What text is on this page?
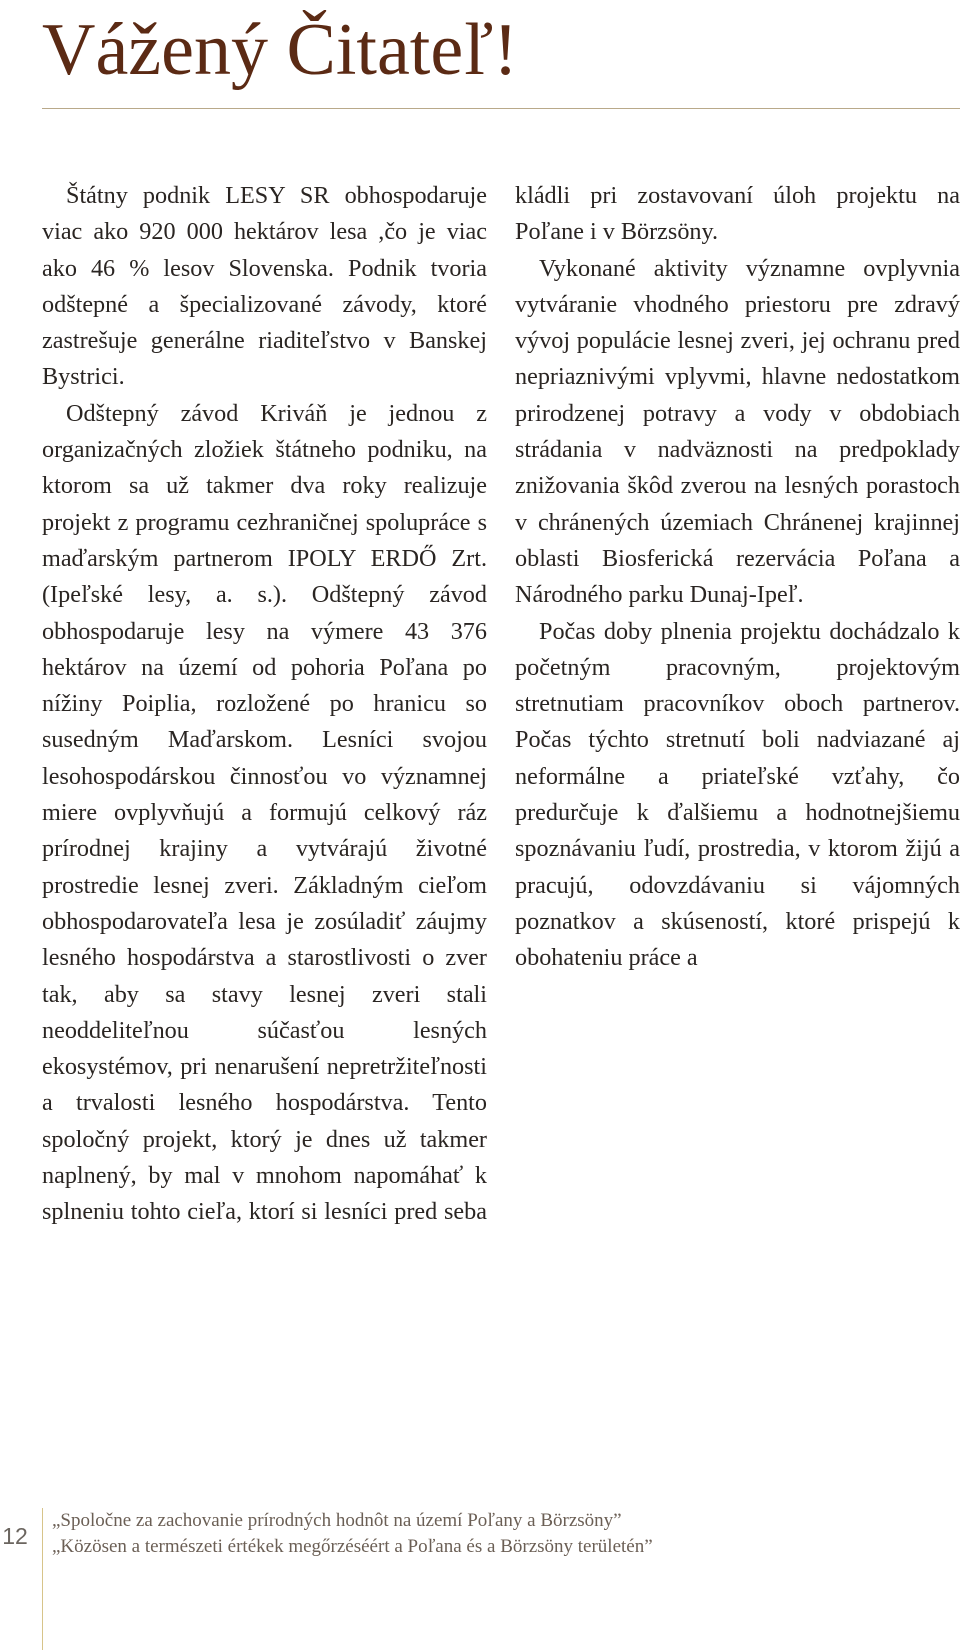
Vážený Čitateľ!

Štátny podnik LESY SR obhospodaruje viac ako 920 000 hektárov lesa ,čo je viac ako 46 % lesov Slovenska. Podnik tvoria odštepné a špecializované závody, ktoré zastrešuje generálne riaditeľstvo v Banskej Bystrici.

Odštepný závod Kriváň je jednou z organizačných zložiek štátneho podniku, na ktorom sa už takmer dva roky realizuje projekt z programu cezhraničnej spolupráce s maďarským partnerom IPOLY ERDŐ Zrt. (Ipeľské lesy, a. s.). Odštepný závod obhospodaruje lesy na výmere 43 376 hektárov na území od pohoria Poľana po nížiny Poiplia, rozložené po hranicu so susedným Maďarskom. Lesníci svojou lesohospodárskou činnosťou vo významnej miere ovplyvňujú a formujú celkový ráz prírodnej krajiny a vytvárajú životné prostredie lesnej zveri. Základným cieľom obhospodarovateľa lesa je zosúladiť záujmy lesného hospodárstva a starostlivosti o zver tak, aby sa stavy lesnej zveri stali neoddeliteľnou súčasťou lesných ekosystémov, pri nenarušení nepretržiteľnosti a trvalosti lesného hospodárstva. Tento spoločný projekt, ktorý je dnes už takmer naplnený, by mal v mnohom napomáhať k splneniu tohto cieľa, ktorí si lesníci pred seba kládli pri zostavovaní úloh projektu na Poľane i v Börzsöny.

Vykonané aktivity významne ovplyvnia vytváranie vhodného priestoru pre zdravý vývoj populácie lesnej zveri, jej ochranu pred nepriaznivými vplyvmi, hlavne nedostatkom prirodzenej potravy a vody v obdobiach strádania v nadväznosti na predpoklady znižovania škôd zverou na lesných porastoch v chránených územiach Chránenej krajinnej oblasti Biosferická rezervácia Poľana a Národného parku Dunaj-Ipeľ.

Počas doby plnenia projektu dochádzalo k početným pracovným, projektovým stretnutiam pracovníkov oboch partnerov. Počas týchto stretnutí boli nadviazané aj neformálne a priateľské vzťahy, čo predurčuje k ďalšiemu a hodnotnejšiemu spoznávaniu ľudí, prostredia, v ktorom žijú a pracujú, odovzdávaniu si vájomných poznatkov a skúseností, ktoré prispejú k obohateniu práce a

12
„Spoločne za zachovanie prírodných hodnôt na území Poľany a Börzsöny”
„Közösen a természeti értékek megőrzéséért a Poľana és a Börzsöny területén”
